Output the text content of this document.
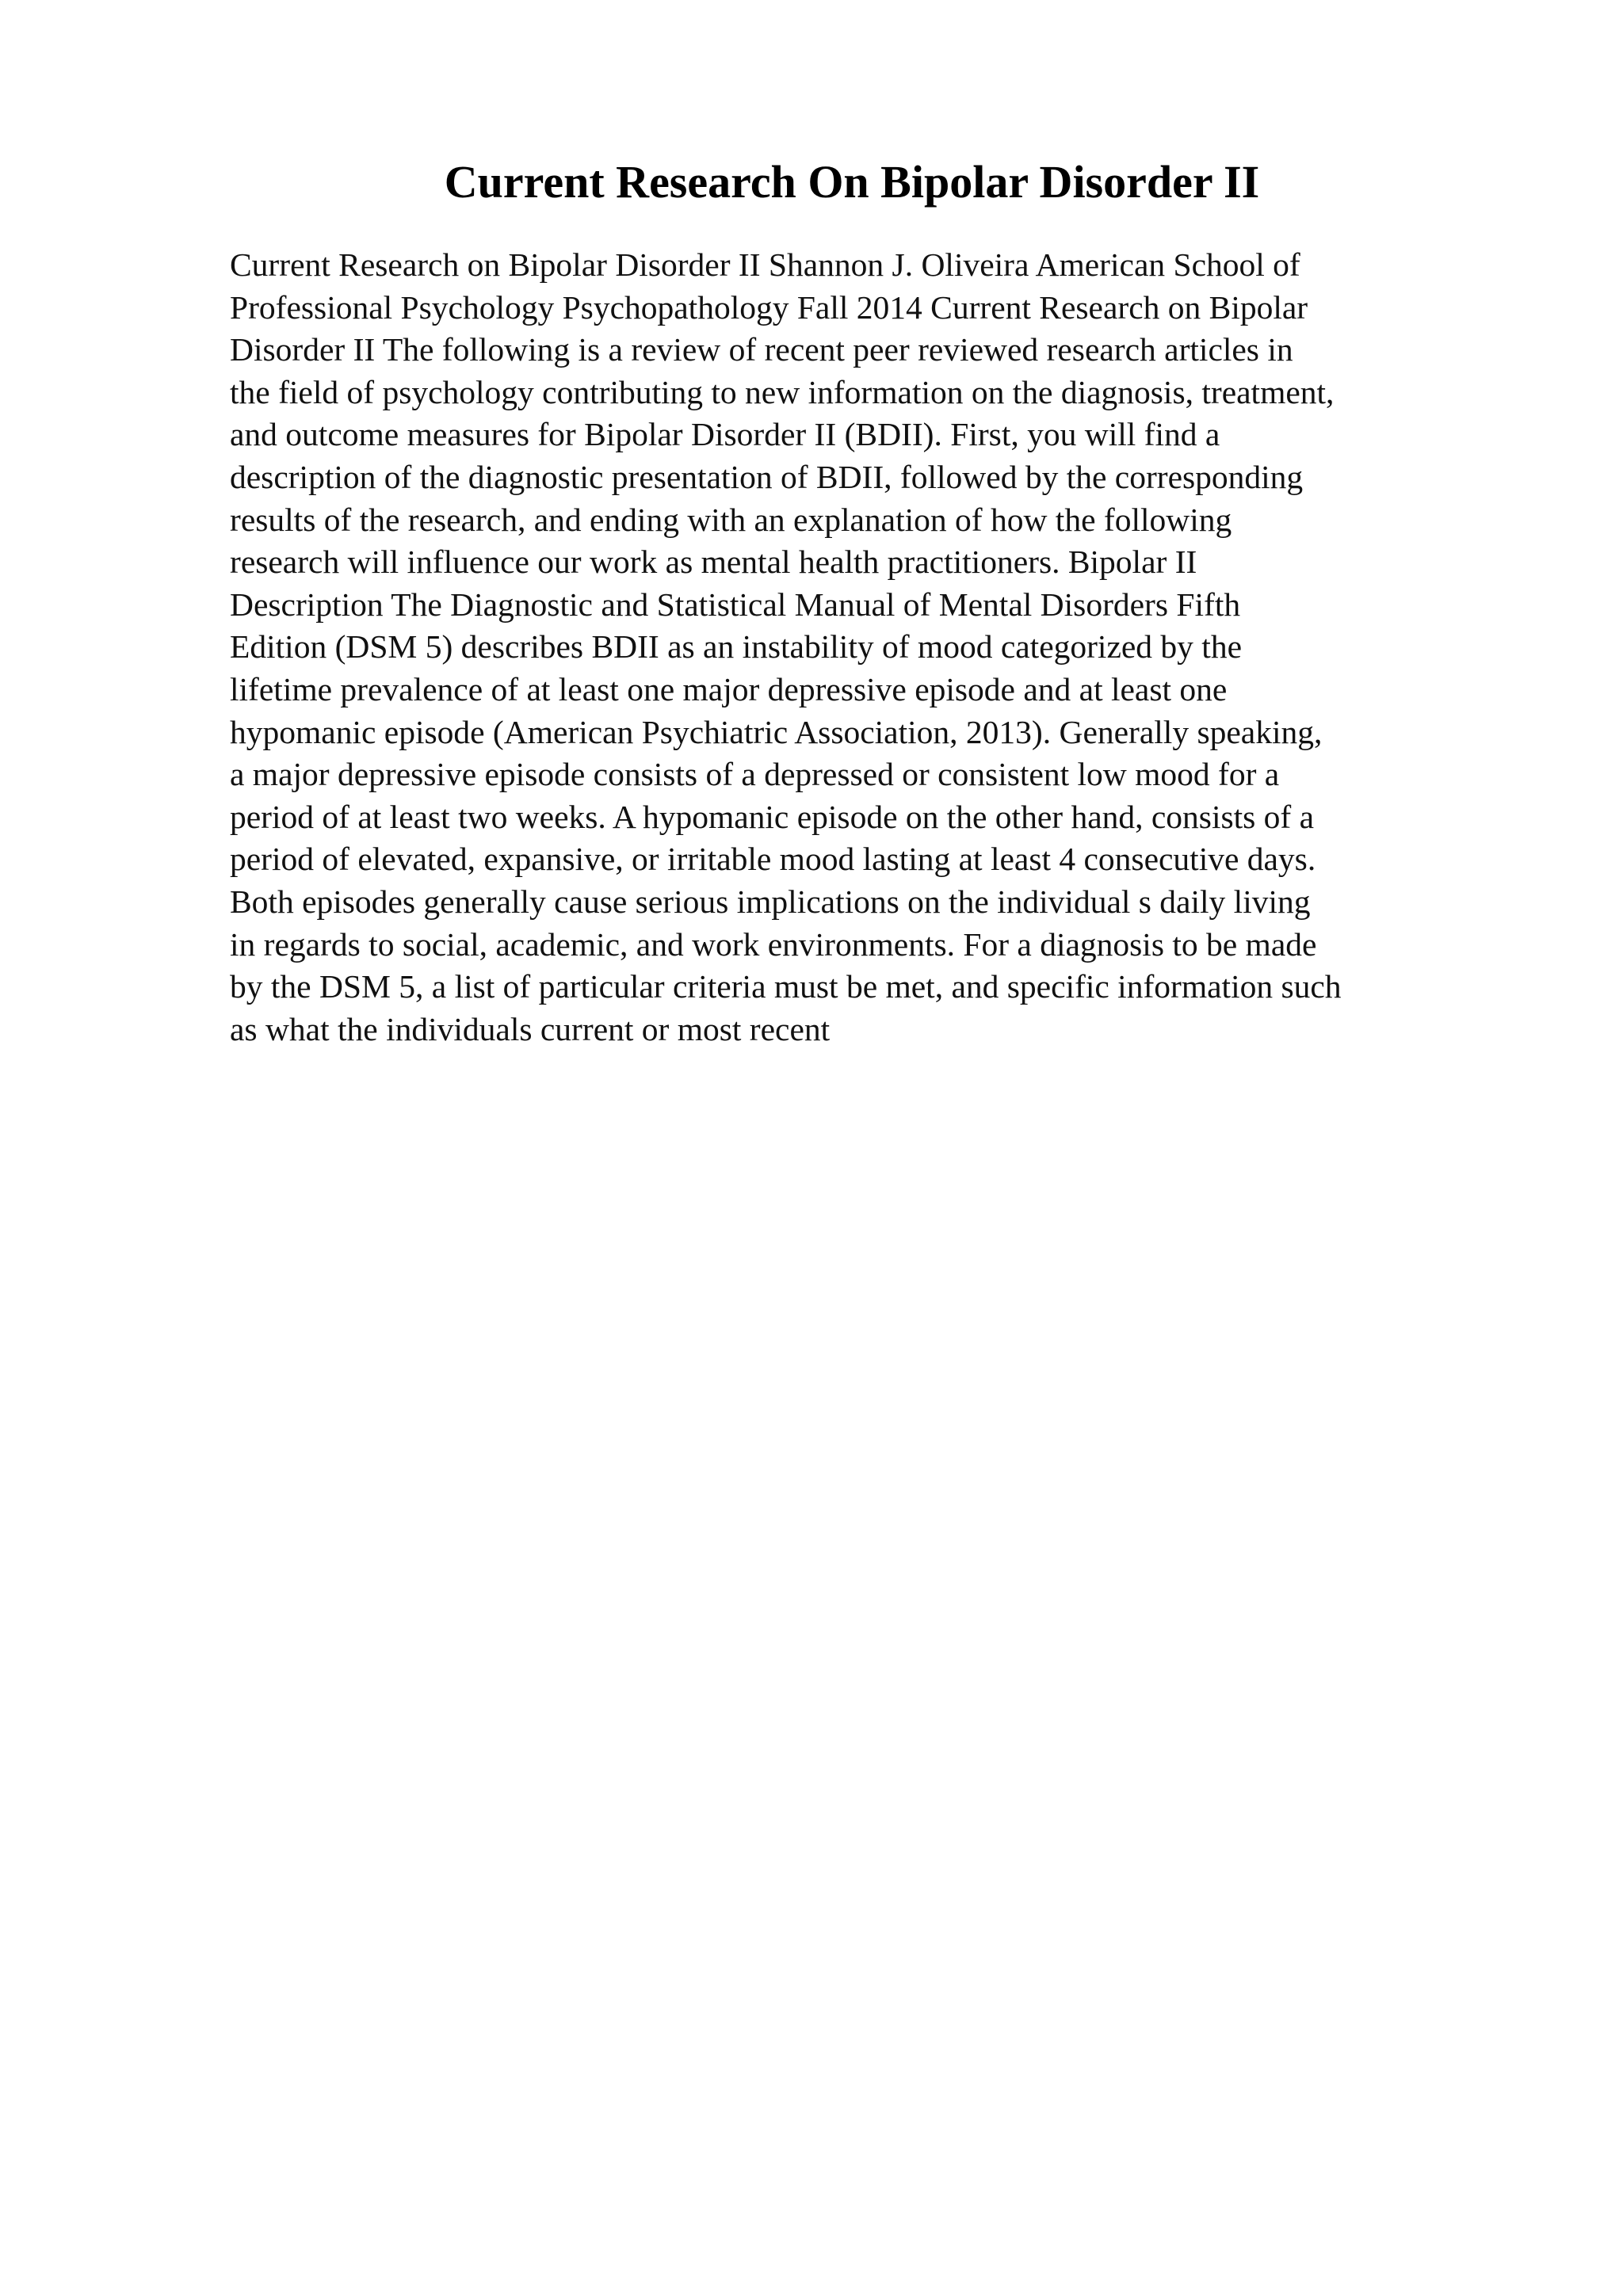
Current Research On Bipolar Disorder II
Current Research on Bipolar Disorder II Shannon J. Oliveira American School of
Professional Psychology Psychopathology Fall 2014 Current Research on Bipolar
Disorder II The following is a review of recent peer reviewed research articles in
the field of psychology contributing to new information on the diagnosis, treatment,
and outcome measures for Bipolar Disorder II (BDII). First, you will find a
description of the diagnostic presentation of BDII, followed by the corresponding
results of the research, and ending with an explanation of how the following
research will influence our work as mental health practitioners. Bipolar II
Description The Diagnostic and Statistical Manual of Mental Disorders Fifth
Edition (DSM 5) describes BDII as an instability of mood categorized by the
lifetime prevalence of at least one major depressive episode and at least one
hypomanic episode (American Psychiatric Association, 2013). Generally speaking,
a major depressive episode consists of a depressed or consistent low mood for a
period of at least two weeks. A hypomanic episode on the other hand, consists of a
period of elevated, expansive, or irritable mood lasting at least 4 consecutive days.
Both episodes generally cause serious implications on the individual s daily living
in regards to social, academic, and work environments. For a diagnosis to be made
by the DSM 5, a list of particular criteria must be met, and specific information such
as what the individuals current or most recent
